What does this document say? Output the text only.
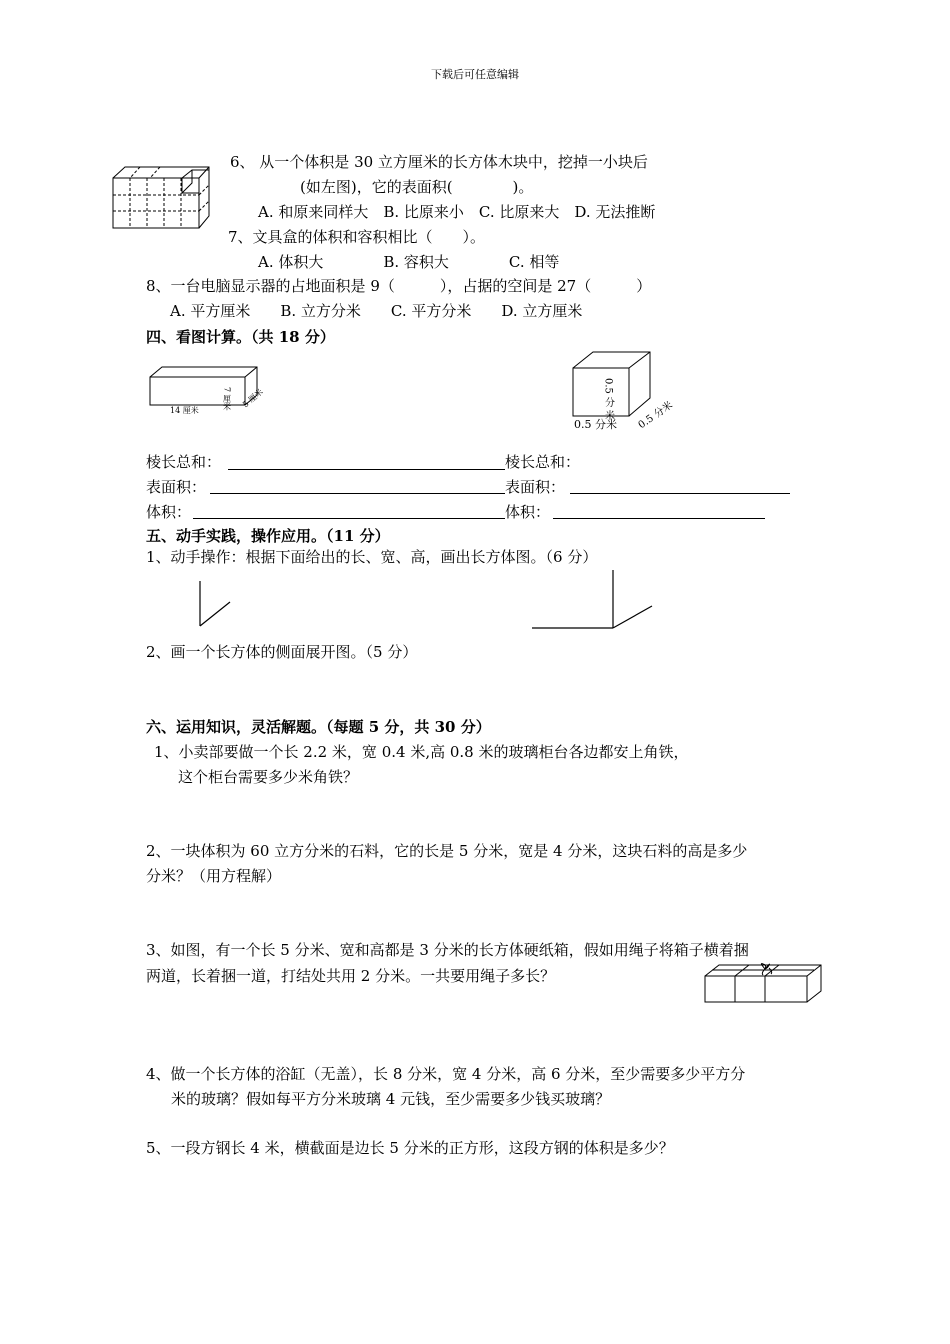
下载后可任意编辑
6、 从一个体积是 30 立方厘米的长方体木块中，挖掉一小块后
(如左图)，它的表面积(　　　　)。
A. 和原来同样大　B. 比原来小　C. 比原来大　D. 无法推断
7、文具盒的体积和容积相比（　　）。
A. 体积大　　　　B. 容积大　　　　C. 相等
8、一台电脑显示器的占地面积是 9（　　　），占据的空间是 27（　　　）
A. 平方厘米　　B. 立方分米　　C. 平方分米　　D. 立方厘米
四、看图计算。（共 18 分）
14 厘米	7 厘米 5 厘米	0.5 分 米
0.5 分米 0.5 分米
棱长总和：	棱长总和：
表面积：	表面积：
体积：	体积：
五、动手实践，操作应用。（11 分）
1、动手操作：根据下面给出的长、宽、高，画出长方体图。（6 分）
2、画一个长方体的侧面展开图。（5 分）
六、运用知识，灵活解题。（每题 5 分，共 30 分）
1、小卖部要做一个长 2.2 米，宽 0.4 米,高 0.8 米的玻璃柜台各边都安上角铁，
这个柜台需要多少米角铁？
2、一块体积为 60 立方分米的石料，它的长是 5 分米，宽是 4 分米，这块石料的高是多少
分米？（用方程解）
3、如图，有一个长 5 分米、宽和高都是 3 分米的长方体硬纸箱，假如用绳子将箱子横着捆
两道，长着捆一道，打结处共用 2 分米。一共要用绳子多长？
4、做一个长方体的浴缸（无盖），长 8 分米，宽 4 分米，高 6 分米，至少需要多少平方分
米的玻璃？假如每平方分米玻璃 4 元钱，至少需要多少钱买玻璃？
5、一段方钢长 4 米，横截面是边长 5 分米的正方形，这段方钢的体积是多少？
